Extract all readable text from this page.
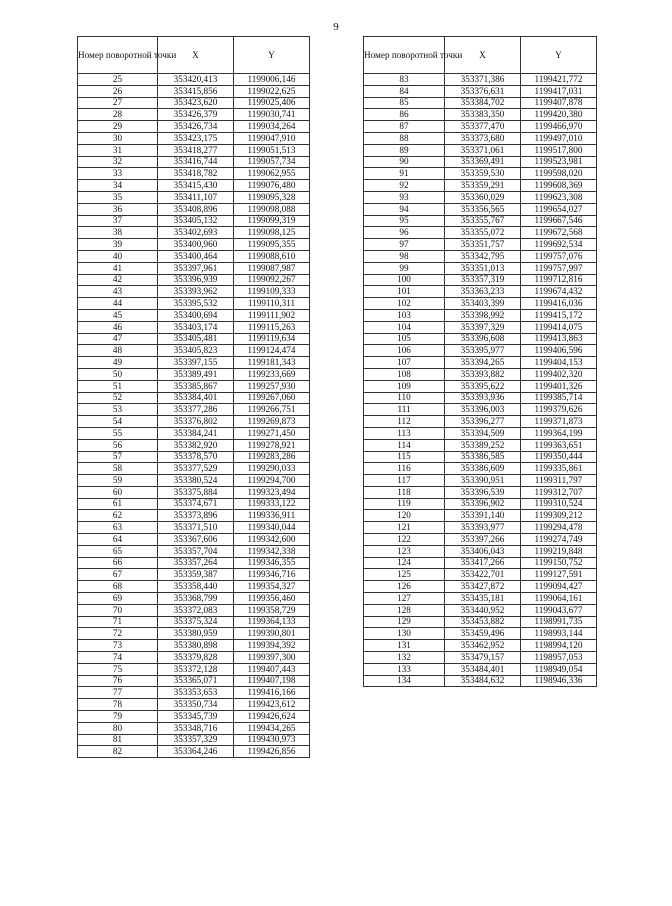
9
Номер поворотной точки	X	Y
25	353420,413	1199006,146
26	353415,856	1199022,625
27	353423,620	1199025,406
28	353426,379	1199030,741
29	353426,734	1199034,264
30	353423,175	1199047,910
31	353418,277	1199051,513
32	353416,744	1199057,734
33	353418,782	1199062,955
34	353415,430	1199076,480
35	353411,107	1199095,328
36	353408,896	1199098,088
37	353405,132	1199099,319
38	353402,693	1199098,125
39	353400,960	1199095,355
40	353400,464	1199088,610
41	353397,961	1199087,987
42	353396,939	1199092,267
43	353393,962	1199109,333
44	353395,532	1199110,311
45	353400,694	1199111,902
46	353403,174	1199115,263
47	353405,481	1199119,634
48	353405,823	1199124,474
49	353397,155	1199181,343
50	353389,491	1199233,669
51	353385,867	1199257,930
52	353384,401	1199267,060
53	353377,286	1199266,751
54	353376,802	1199269,873
55	353384,241	1199271,450
56	353382,920	1199278,921
57	353378,570	1199283,286
58	353377,529	1199290,033
59	353380,524	1199294,700
60	353375,884	1199323,494
61	353374,671	1199333,122
62	353373,896	1199336,911
63	353371,510	1199340,044
64	353367,606	1199342,600
65	353357,704	1199342,338
66	353357,264	1199346,355
67	353359,387	1199346,716
68	353358,440	1199354,327
69	353368,799	1199356,460
70	353372,083	1199358,729
71	353375,324	1199364,133
72	353380,959	1199390,801
73	353380,898	1199394,392
74	353379,828	1199397,300
75	353372,128	1199407,443
76	353365,071	1199407,198
77	353353,653	1199416,166
78	353350,734	1199423,612
79	353345,739	1199426,624
80	353348,716	1199434,265
81	353357,329	1199430,973
82	353364,246	1199426,856
Номер поворотной точки	X	Y
83	353371,386	1199421,772
84	353376,631	1199417,031
85	353384,702	1199407,878
86	353383,350	1199420,380
87	353377,470	1199466,970
88	353373,680	1199497,010
89	353371,061	1199517,800
90	353369,491	1199523,981
91	353359,530	1199598,020
92	353359,291	1199608,369
93	353360,029	1199623,308
94	353356,565	1199654,027
95	353355,767	1199667,546
96	353355,072	1199672,568
97	353351,757	1199692,534
98	353342,795	1199757,076
99	353351,013	1199757,997
100	353357,319	1199712,816
101	353363,233	1199674,432
102	353403,399	1199416,036
103	353398,992	1199415,172
104	353397,329	1199414,075
105	353396,608	1199413,863
106	353395,977	1199406,596
107	353394,265	1199404,153
108	353393,882	1199402,320
109	353395,622	1199401,326
110	353393,936	1199385,714
111	353396,003	1199379,626
112	353396,277	1199371,873
113	353394,509	1199364,199
114	353389,252	1199363,651
115	353386,585	1199350,444
116	353386,609	1199335,861
117	353390,951	1199311,797
118	353396,539	1199312,707
119	353396,902	1199310,524
120	353391,140	1199309,212
121	353393,977	1199294,478
122	353397,266	1199274,749
123	353406,043	1199219,848
124	353417,266	1199150,752
125	353422,701	1199127,591
126	353427,872	1199094,427
127	353435,181	1199064,161
128	353440,952	1199043,677
129	353453,882	1198991,735
130	353459,496	1198993,144
131	353462,952	1198994,120
132	353479,157	1198957,053
133	353484,401	1198949,054
134	353484,632	1198946,336
